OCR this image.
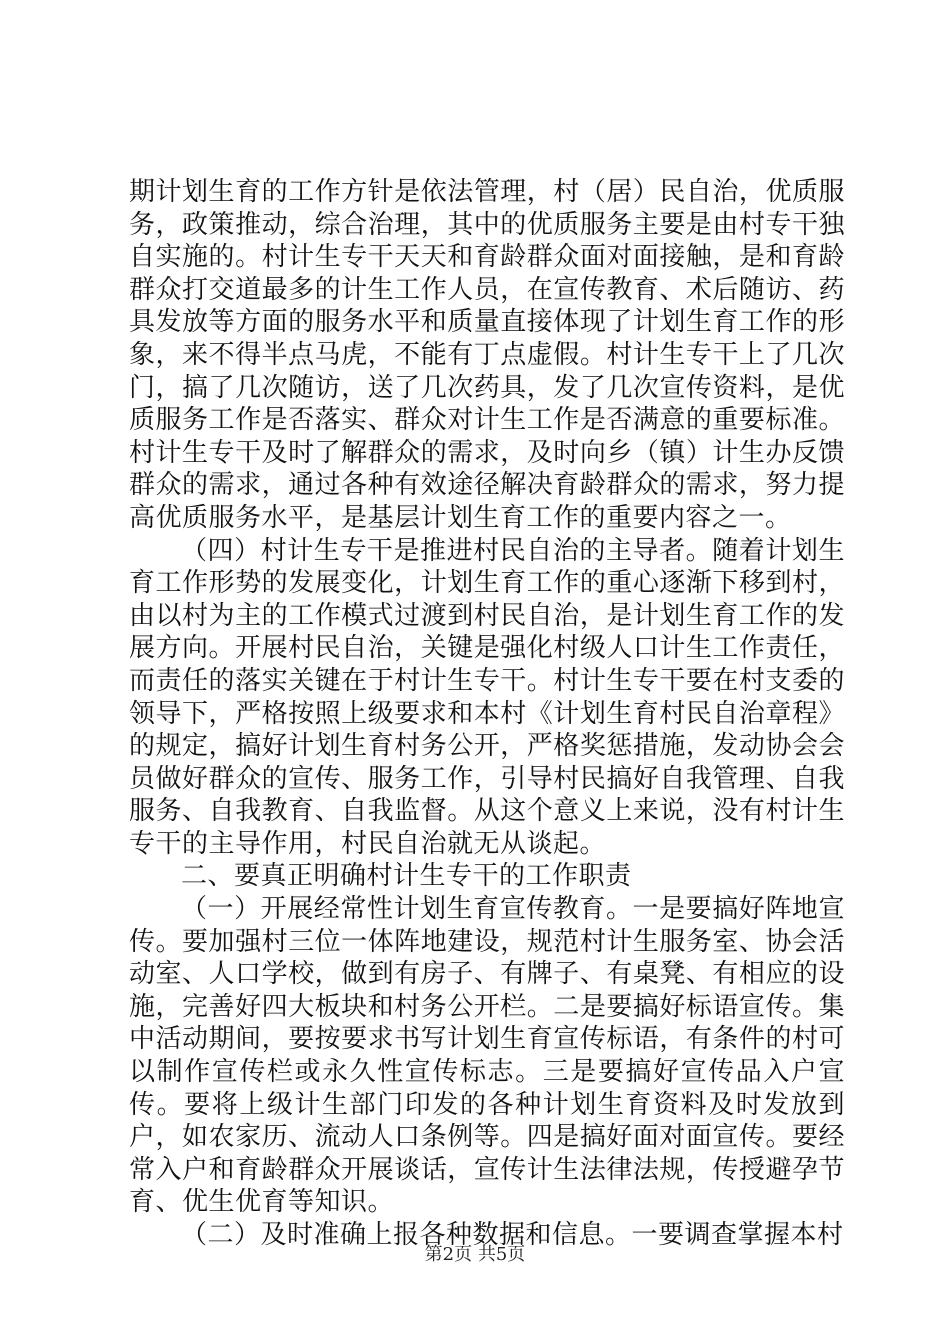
期计划生育的工作方针是依法管理，村（居）民自治，优质服务，政策推动，综合治理，其中的优质服务主要是由村专干独自实施的。村计生专干天天和育龄群众面对面接触，是和育龄群众打交道最多的计生工作人员，在宣传教育、术后随访、药具发放等方面的服务水平和质量直接体现了计划生育工作的形象，来不得半点马虎，不能有丁点虚假。村计生专干上了几次门，搞了几次随访，送了几次药具，发了几次宣传资料，是优质服务工作是否落实、群众对计生工作是否满意的重要标准。村计生专干及时了解群众的需求，及时向乡（镇）计生办反馈群众的需求，通过各种有效途径解决育龄群众的需求，努力提高优质服务水平，是基层计划生育工作的重要内容之一。

（四）村计生专干是推进村民自治的主导者。随着计划生育工作形势的发展变化，计划生育工作的重心逐渐下移到村，由以村为主的工作模式过渡到村民自治，是计划生育工作的发展方向。开展村民自治，关键是强化村级人口计生工作责任，而责任的落实关键在于村计生专干。村计生专干要在村支委的领导下，严格按照上级要求和本村《计划生育村民自治章程》的规定，搞好计划生育村务公开，严格奖惩措施，发动协会会员做好群众的宣传、服务工作，引导村民搞好自我管理、自我服务、自我教育、自我监督。从这个意义上来说，没有村计生专干的主导作用，村民自治就无从谈起。

二、要真正明确村计生专干的工作职责

（一）开展经常性计划生育宣传教育。一是要搞好阵地宣传。要加强村三位一体阵地建设，规范村计生服务室、协会活动室、人口学校，做到有房子、有牌子、有桌凳、有相应的设施，完善好四大板块和村务公开栏。二是要搞好标语宣传。集中活动期间，要按要求书写计划生育宣传标语，有条件的村可以制作宣传栏或永久性宣传标志。三是要搞好宣传品入户宣传。要将上级计生部门印发的各种计划生育资料及时发放到户，如农家历、流动人口条例等。四是搞好面对面宣传。要经常入户和育龄群众开展谈话，宣传计生法律法规，传授避孕节育、优生优育等知识。

（二）及时准确上报各种数据和信息。一要调查掌握本村

第2页 共5页
